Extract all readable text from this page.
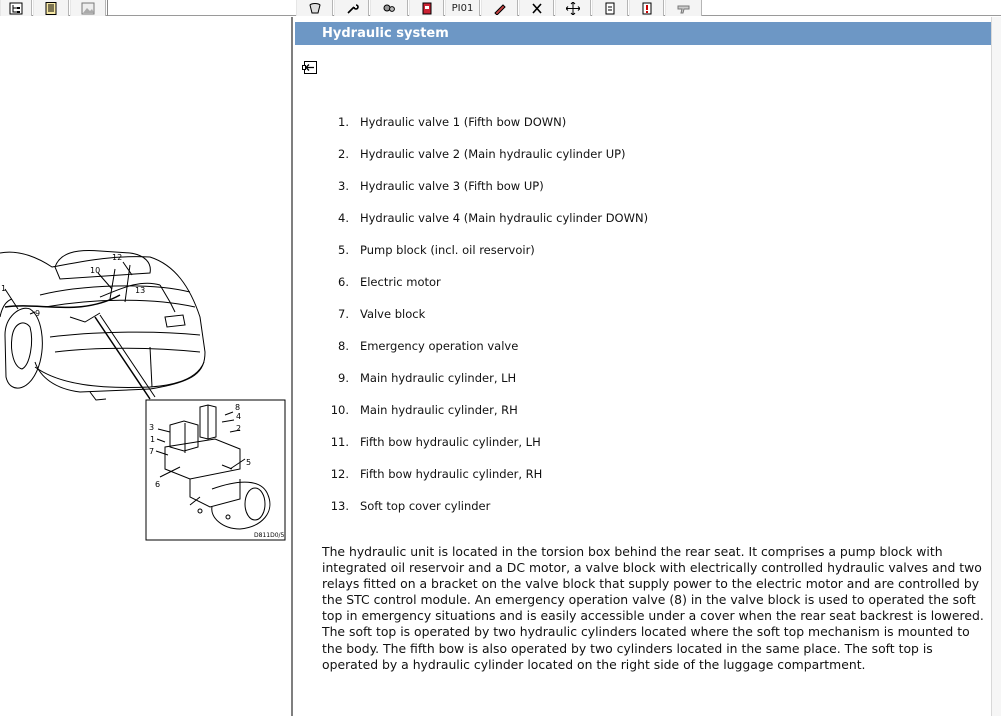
PI01
1
9
10
12
13
3
1
7
8
4
2
5
6
D811D0/5
Hydraulic system
1.
Hydraulic valve 1 (Fifth bow DOWN)
2.
Hydraulic valve 2 (Main hydraulic cylinder UP)
3.
Hydraulic valve 3 (Fifth bow UP)
4.
Hydraulic valve 4 (Main hydraulic cylinder DOWN)
5.
Pump block (incl. oil reservoir)
6.
Electric motor
7.
Valve block
8.
Emergency operation valve
9.
Main hydraulic cylinder, LH
10.
Main hydraulic cylinder, RH
11.
Fifth bow hydraulic cylinder, LH
12.
Fifth bow hydraulic cylinder, RH
13.
Soft top cover cylinder

The hydraulic unit is located in the torsion box behind the rear seat. It comprises a pump block with integrated oil reservoir and a DC motor, a valve block with electrically controlled hydraulic valves and two relays fitted on a bracket on the valve block that supply power to the electric motor and are controlled by the STC control module. An emergency operation valve (8) in the valve block is used to operated the soft top in emergency situations and is easily accessible under a cover when the rear seat backrest is lowered. The soft top is operated by two hydraulic cylinders located where the soft top mechanism is mounted to the body. The fifth bow is also operated by two cylinders located in the same place. The soft top is operated by a hydraulic cylinder located on the right side of the luggage compartment.
